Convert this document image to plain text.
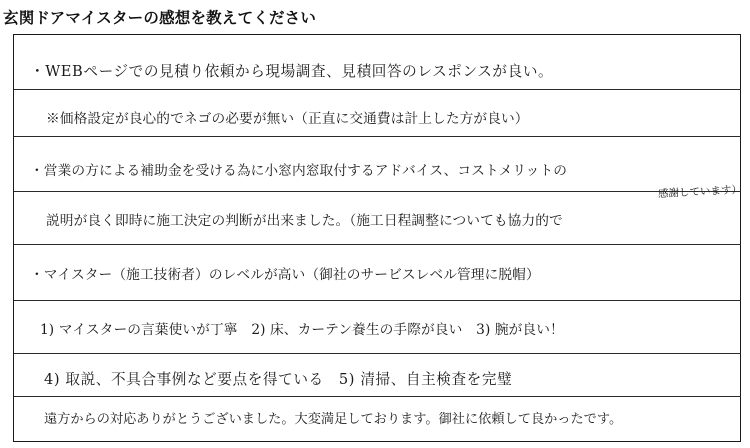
玄関ドアマイスターの感想を教えてください
・WEBページでの見積り依頼から現場調査、見積回答のレスポンスが良い。
※価格設定が良心的でネゴの必要が無い（正直に交通費は計上した方が良い）
・営業の方による補助金を受ける為に小窓内窓取付するアドバイス、コストメリットの
感謝しています）
説明が良く即時に施工決定の判断が出来ました。（施工日程調整についても協力的で
・マイスター（施工技術者）のレベルが高い（御社のサービスレベル管理に脱帽）
1) マイスターの言葉使いが丁寧　2) 床、カーテン養生の手際が良い　3) 腕が良い！
4) 取説、不具合事例など要点を得ている　5) 清掃、自主検査を完璧
遠方からの対応ありがとうございました。大変満足しております。御社に依頼して良かったです。
